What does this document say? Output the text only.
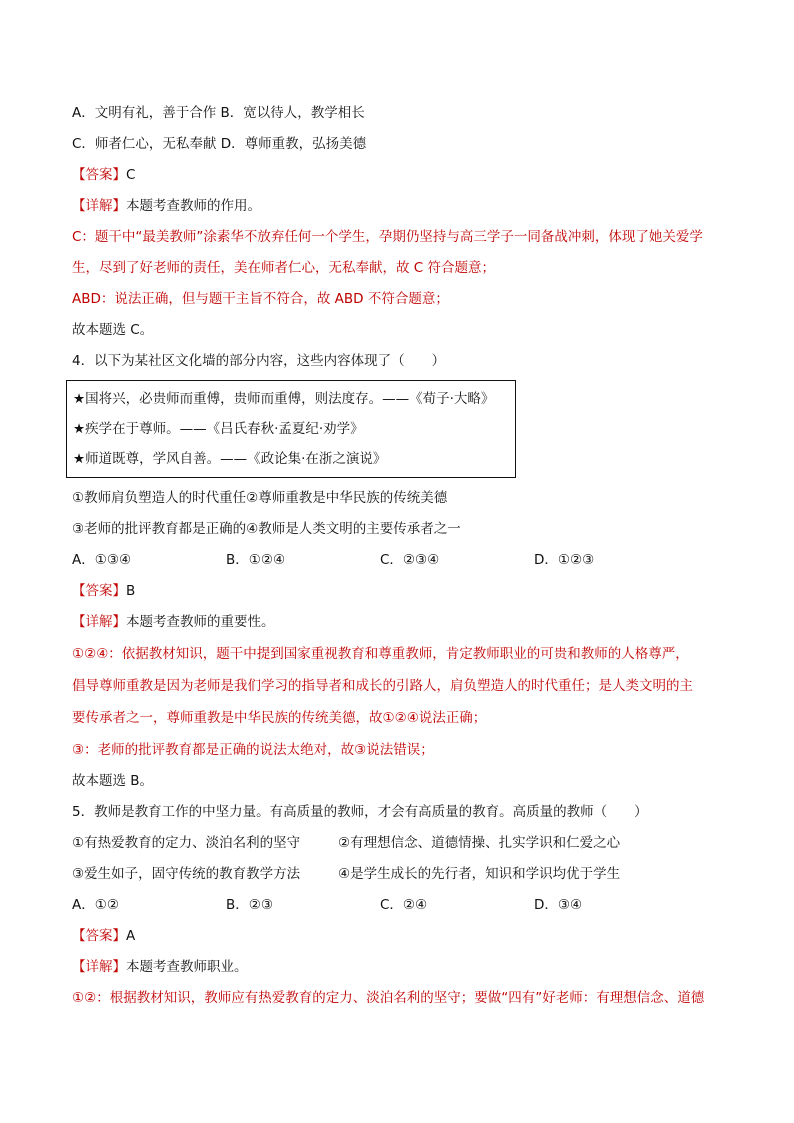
A．文明有礼，善于合作 B．宽以待人，教学相长
C．师者仁心，无私奉献 D．尊师重教，弘扬美德
【答案】C
【详解】本题考查教师的作用。
C：题干中“最美教师”涂素华不放弃任何一个学生，孕期仍坚持与高三学子一同备战冲刺，体现了她关爱学
生，尽到了好老师的责任，美在师者仁心，无私奉献，故 C 符合题意；
ABD：说法正确，但与题干主旨不符合，故 ABD 不符合题意；
故本题选 C。
4．以下为某社区文化墙的部分内容，这些内容体现了（　　）
★国将兴，必贵师而重傅，贵师而重傅，则法度存。——《荀子·大略》
★疾学在于尊师。——《吕氏春秋·孟夏纪·劝学》
★师道既尊，学风自善。——《政论集·在浙之演说》
①教师肩负塑造人的时代重任②尊师重教是中华民族的传统美德
③老师的批评教育都是正确的④教师是人类文明的主要传承者之一
A．①③④	B．①②④	C．②③④	D．①②③
【答案】B
【详解】本题考查教师的重要性。
①②④：依据教材知识，题干中提到国家重视教育和尊重教师，肯定教师职业的可贵和教师的人格尊严，
倡导尊师重教是因为老师是我们学习的指导者和成长的引路人，肩负塑造人的时代重任；是人类文明的主
要传承者之一，尊师重教是中华民族的传统美德，故①②④说法正确；
③：老师的批评教育都是正确的说法太绝对，故③说法错误；
故本题选 B。
5．教师是教育工作的中坚力量。有高质量的教师，才会有高质量的教育。高质量的教师（　　）
①有热爱教育的定力、淡泊名利的坚守	②有理想信念、道德情操、扎实学识和仁爱之心
③爱生如子，固守传统的教育教学方法	④是学生成长的先行者，知识和学识均优于学生
A．①②	B．②③	C．②④	D．③④
【答案】A
【详解】本题考查教师职业。
①②：根据教材知识，教师应有热爱教育的定力、淡泊名利的坚守；要做“四有”好老师：有理想信念、道德
